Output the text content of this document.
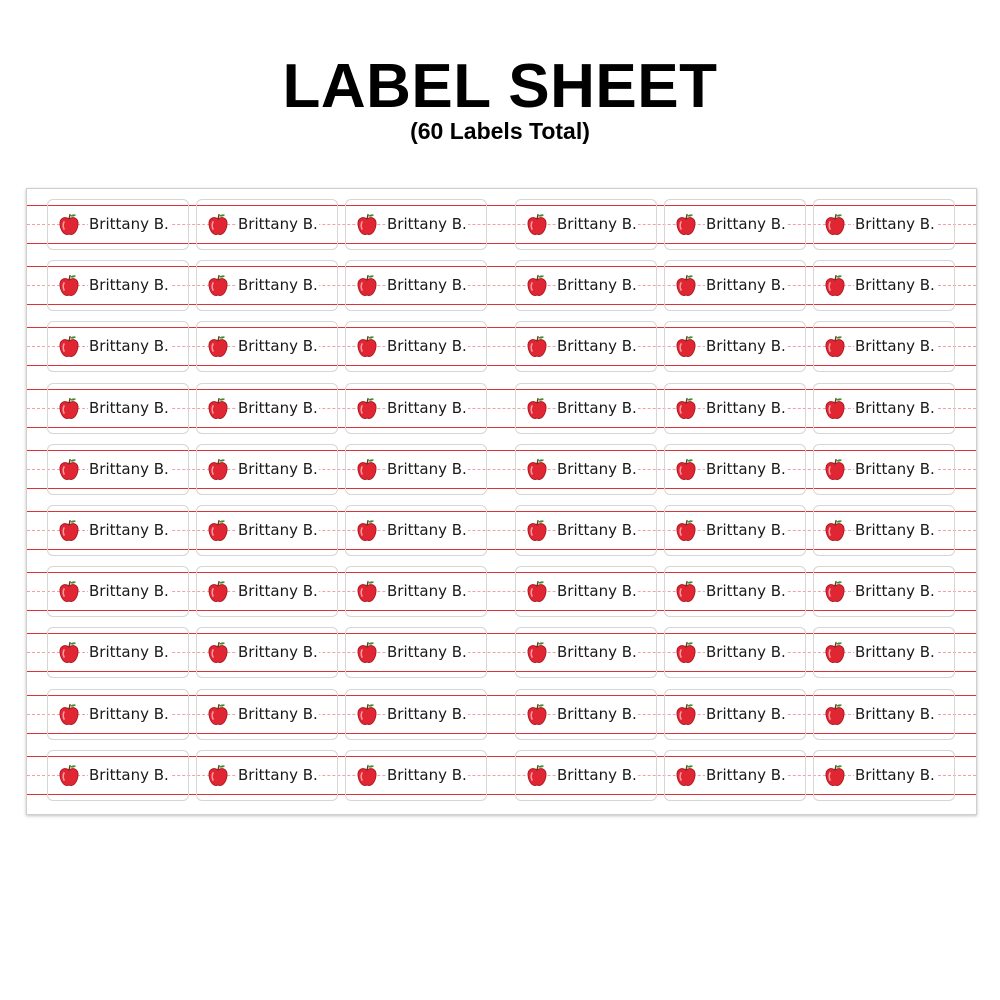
LABEL SHEET
(60 Labels Total)
Brittany B.	Brittany B.	Brittany B.	Brittany B.	Brittany B.	Brittany B.
Brittany B.	Brittany B.	Brittany B.	Brittany B.	Brittany B.	Brittany B.
Brittany B.	Brittany B.	Brittany B.	Brittany B.	Brittany B.	Brittany B.
Brittany B.	Brittany B.	Brittany B.	Brittany B.	Brittany B.	Brittany B.
Brittany B.	Brittany B.	Brittany B.	Brittany B.	Brittany B.	Brittany B.
Brittany B.	Brittany B.	Brittany B.	Brittany B.	Brittany B.	Brittany B.
Brittany B.	Brittany B.	Brittany B.	Brittany B.	Brittany B.	Brittany B.
Brittany B.	Brittany B.	Brittany B.	Brittany B.	Brittany B.	Brittany B.
Brittany B.	Brittany B.	Brittany B.	Brittany B.	Brittany B.	Brittany B.
Brittany B.	Brittany B.	Brittany B.	Brittany B.	Brittany B.	Brittany B.
